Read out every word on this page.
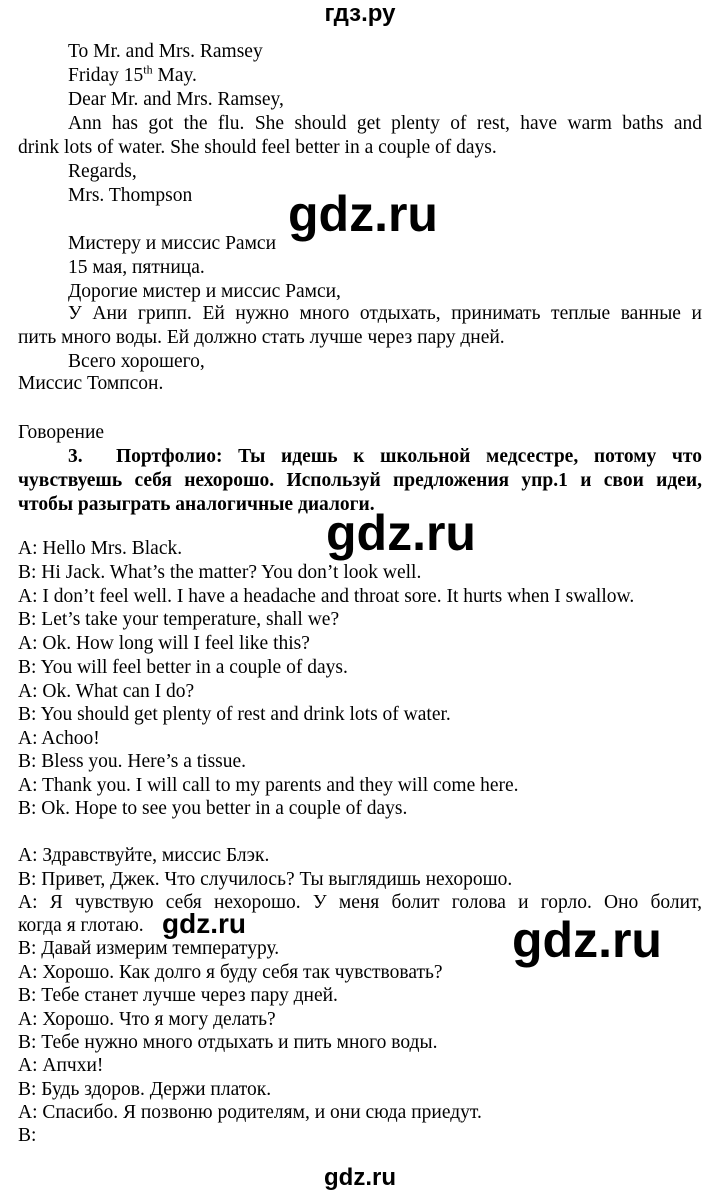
гдз.ру
To Mr. and Mrs. Ramsey
Friday 15th May.
Dear Mr. and Mrs. Ramsey,
Ann has got the flu. She should get plenty of rest, have warm baths and
drink lots of water. She should feel better in a couple of days.
Regards,
Mrs. Thompson	gdz.ru
Мистеру и миссис Рамси
15 мая, пятница.
Дорогие мистер и миссис Рамси,
У Ани грипп. Ей нужно много отдыхать, принимать теплые ванные и
пить много воды. Ей должно стать лучше через пару дней.
Всего хорошего,
Миссис Томпсон.
Говорение
3. Портфолио: Ты идешь к школьной медсестре, потому что
чувствуешь себя нехорошо. Используй предложения упр.1 и свои идеи,
чтобы разыграть аналогичные диалоги.
gdz.ru
A: Hello Mrs. Black.
B: Hi Jack. What’s the matter? You don’t look well.
A: I don’t feel well. I have a headache and throat sore. It hurts when I swallow.
B: Let’s take your temperature, shall we?
A: Ok. How long will I feel like this?
B: You will feel better in a couple of days.
A: Ok. What can I do?
B: You should get plenty of rest and drink lots of water.
A: Achoo!
B: Bless you. Here’s a tissue.
A: Thank you. I will call to my parents and they will come here.
B: Ok. Hope to see you better in a couple of days.
А: Здравствуйте, миссис Блэк.
В: Привет, Джек. Что случилось? Ты выглядишь нехорошо.
А: Я чувствую себя нехорошо. У меня болит голова и горло. Оно болит,
когда я глотаю. gdz.ru	gdz.ru
В: Давай измерим температуру.
А: Хорошо. Как долго я буду себя так чувствовать?
В: Тебе станет лучше через пару дней.
А: Хорошо. Что я могу делать?
В: Тебе нужно много отдыхать и пить много воды.
А: Апчхи!
В: Будь здоров. Держи платок.
А: Спасибо. Я позвоню родителям, и они сюда приедут.
В:
gdz.ru
